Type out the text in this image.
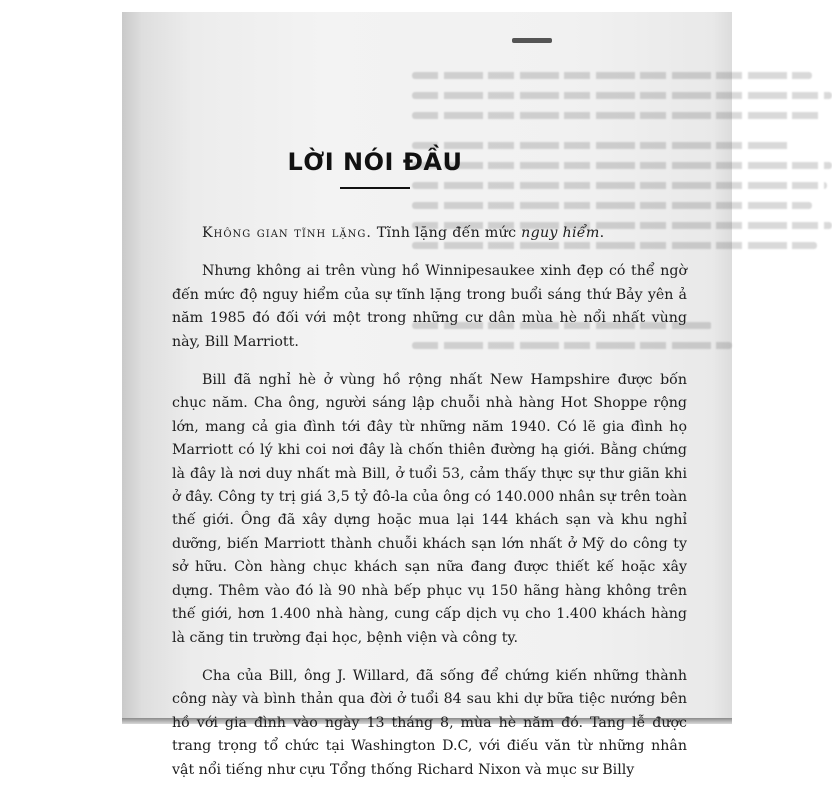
LỜI NÓI ĐẦU

Không gian tĩnh lặng. Tĩnh lặng đến mức nguy hiểm.

Nhưng không ai trên vùng hồ Winnipesaukee xinh đẹp có thể ngờ đến mức độ nguy hiểm của sự tĩnh lặng trong buổi sáng thứ Bảy yên ả năm 1985 đó đối với một trong những cư dân mùa hè nổi nhất vùng này, Bill Marriott.

Bill đã nghỉ hè ở vùng hồ rộng nhất New Hampshire được bốn chục năm. Cha ông, người sáng lập chuỗi nhà hàng Hot Shoppe rộng lớn, mang cả gia đình tới đây từ những năm 1940. Có lẽ gia đình họ Marriott có lý khi coi nơi đây là chốn thiên đường hạ giới. Bằng chứng là đây là nơi duy nhất mà Bill, ở tuổi 53, cảm thấy thực sự thư giãn khi ở đây. Công ty trị giá 3,5 tỷ đô-la của ông có 140.000 nhân sự trên toàn thế giới. Ông đã xây dựng hoặc mua lại 144 khách sạn và khu nghỉ dưỡng, biến Marriott thành chuỗi khách sạn lớn nhất ở Mỹ do công ty sở hữu. Còn hàng chục khách sạn nữa đang được thiết kế hoặc xây dựng. Thêm vào đó là 90 nhà bếp phục vụ 150 hãng hàng không trên thế giới, hơn 1.400 nhà hàng, cung cấp dịch vụ cho 1.400 khách hàng là căng tin trường đại học, bệnh viện và công ty.

Cha của Bill, ông J. Willard, đã sống để chứng kiến những thành công này và bình thản qua đời ở tuổi 84 sau khi dự bữa tiệc nướng bên hồ với gia đình vào ngày 13 tháng 8, mùa hè năm đó. Tang lễ được trang trọng tổ chức tại Washington D.C, với điếu văn từ những nhân vật nổi tiếng như cựu Tổng thống Richard Nixon và mục sư Billy
